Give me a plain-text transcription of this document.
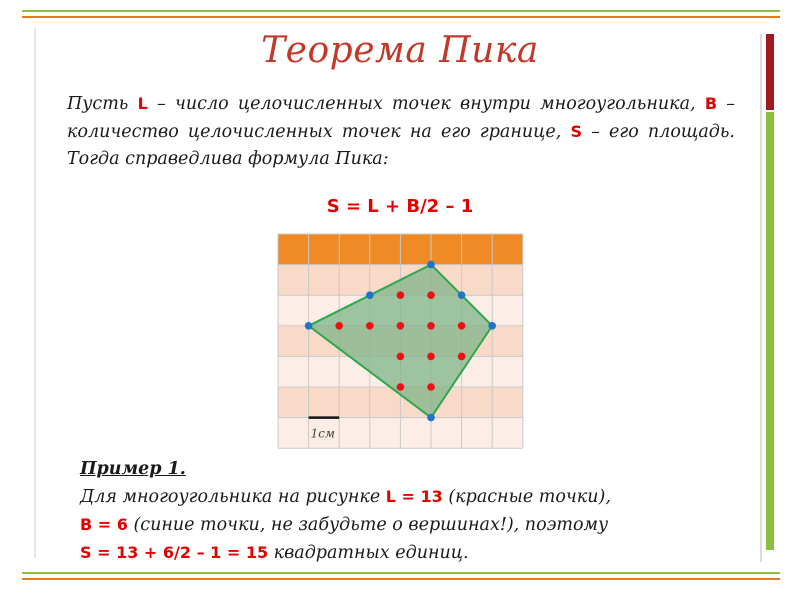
Теорема Пика
Пусть L – число целочисленных точек внутри многоугольника, B – количество целочисленных точек на его границе, S – его площадь. Тогда справедлива формула Пика:
S = L + B/2 – 1
1см
Пример 1.
Для многоугольника на рисунке L = 13 (красные точки),
B = 6 (синие точки, не забудьте о вершинах!), поэтому
S = 13 + 6/2 – 1 = 15 квадратных единиц.
